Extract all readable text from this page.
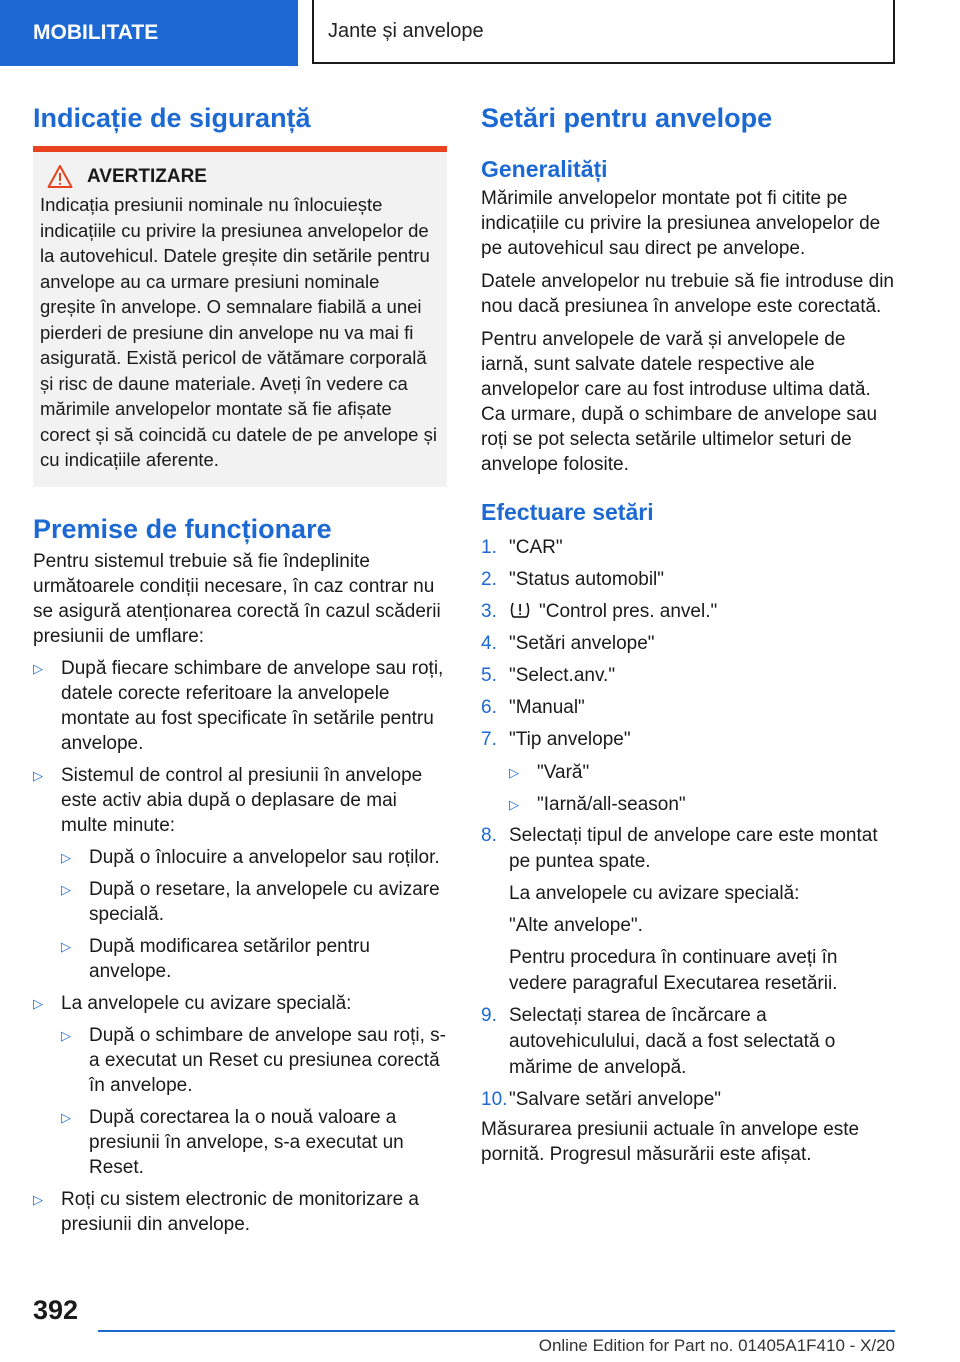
MOBILITATE	Jante și anvelope
Indicație de siguranță
AVERTIZARE

Indicația presiunii nominale nu înlocuiește indicațiile cu privire la presiunea anvelopelor de la autovehicul. Datele greșite din setările pentru anvelope au ca urmare presiuni nominale greșite în anvelope. O semnalare fiabilă a unei pierderi de presiune din anvelope nu va mai fi asigurată. Există pericol de vătămare corporală și risc de daune materiale. Aveți în vedere ca mărimile anvelopelor montate să fie afișate corect și să coincidă cu datele de pe anvelope și cu indicațiile aferente.

Premise de funcționare

Pentru sistemul trebuie să fie îndeplinite următoarele condiții necesare, în caz contrar nu se asigură atenționarea corectă în cazul scăderii presiunii de umflare:

▷ După fiecare schimbare de anvelope sau roți, datele corecte referitoare la anvelopele montate au fost specificate în setările pentru anvelope.
▷ Sistemul de control al presiunii în anvelope este activ abia după o deplasare de mai multe minute:
▷ După o înlocuire a anvelopelor sau roților.
▷ După o resetare, la anvelopele cu avizare specială.
▷ După modificarea setărilor pentru anvelope.
▷ La anvelopele cu avizare specială:
▷ După o schimbare de anvelope sau roți, s-a executat un Reset cu presiunea corectă în anvelope.
▷ După corectarea la o nouă valoare a presiunii în anvelope, s-a executat un Reset.
▷ Roți cu sistem electronic de monitorizare a presiunii din anvelope.
Setări pentru anvelope
Generalități

Mărimile anvelopelor montate pot fi citite pe indicațiile cu privire la presiunea anvelopelor de pe autovehicul sau direct pe anvelope.

Datele anvelopelor nu trebuie să fie introduse din nou dacă presiunea în anvelope este corectată.

Pentru anvelopele de vară și anvelopele de iarnă, sunt salvate datele respective ale anvelopelor care au fost introduse ultima dată. Ca urmare, după o schimbare de anvelope sau roți se pot selecta setările ultimelor seturi de anvelope folosite.

Efectuare setări
1. "CAR"
2. "Status automobil"
3. "Control pres. anvel."
4. "Setări anvelope"
5. "Select.anv."
6. "Manual"
7. "Tip anvelope"
▷ "Vară"
▷ "Iarnă/all-season"
8. Selectați tipul de anvelope care este montat pe puntea spate.
La anvelopele cu avizare specială:
"Alte anvelope".
Pentru procedura în continuare aveți în vedere paragraful Executarea resetării.
9. Selectați starea de încărcare a autovehiculului, dacă a fost selectată o mărime de anvelopă.
10. "Salvare setări anvelope"

Măsurarea presiunii actuale în anvelope este pornită. Progresul măsurării este afișat.

392
Online Edition for Part no. 01405A1F410 - X/20
